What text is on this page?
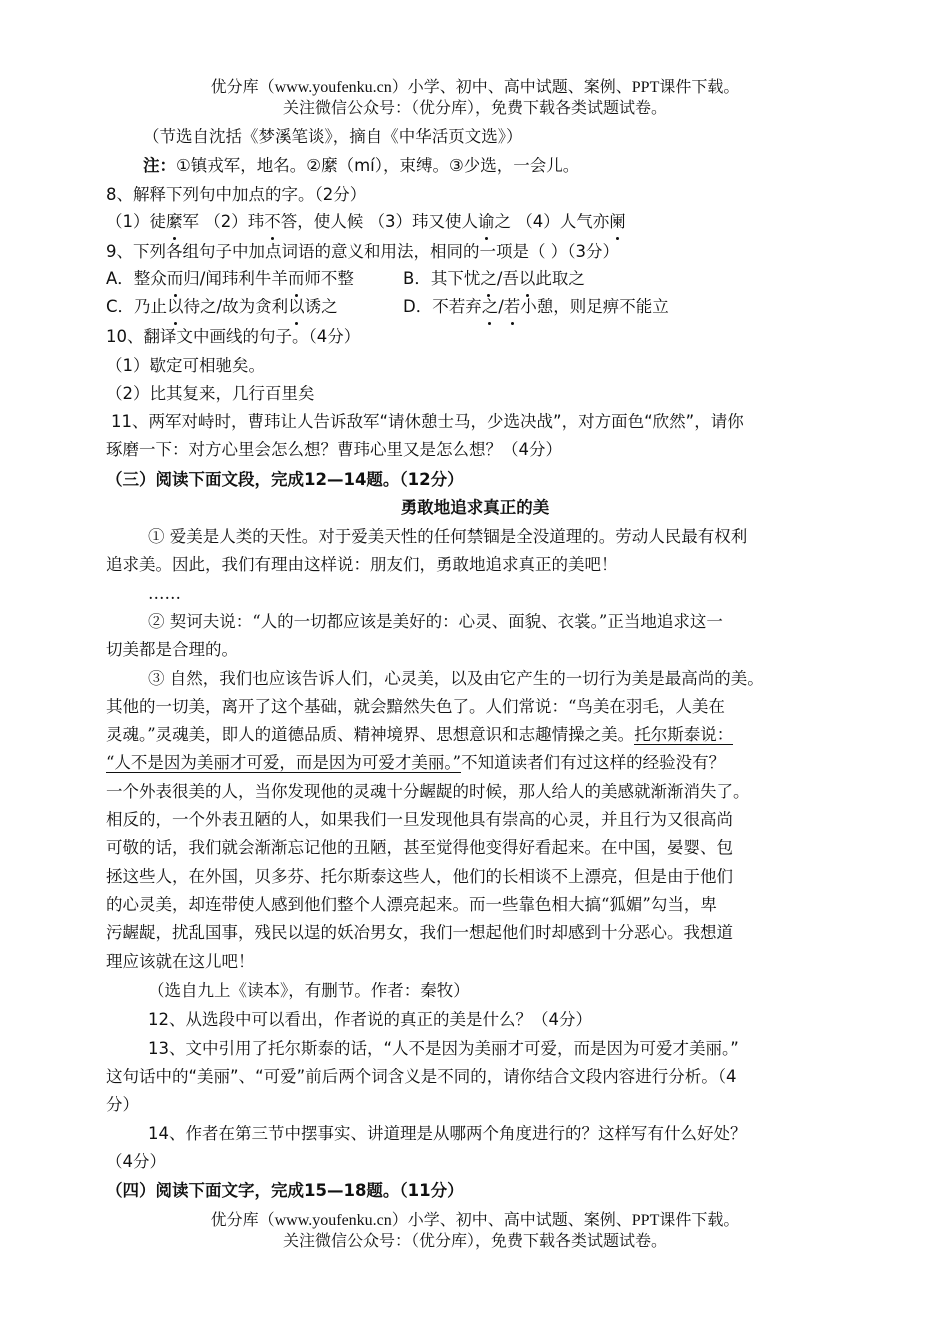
优分库（www.youfenku.cn）小学、初中、高中试题、案例、PPT课件下载。
关注微信公众号：（优分库），免费下载各类试题试卷。
（节选自沈括《梦溪笔谈》，摘自《中华活页文选》）
注：①镇戎军，地名。②縻（mí），束缚。③少选，一会儿。
8、解释下列句中加点的字。（2分）
（1）徒縻军 （2）玮不答，使人候 （3）玮又使人谕之 （4）人气亦阑
9、下列各组句子中加点词语的意义和用法，相同的一项是（ ）（3分）
A．整众而归/闻玮利牛羊而师不整	B．其下忧之/吾以此取之
C．乃止以待之/故为贪利以诱之	D．不若弃之/若小憩，则足痹不能立
10、翻译文中画线的句子。（4分）
（1）歇定可相驰矣。
（2）比其复来，几行百里矣
11、两军对峙时，曹玮让人告诉敌军“请休憩士马，少选决战”，对方面色“欣然”，请你
琢磨一下：对方心里会怎么想？曹玮心里又是怎么想？（4分）
（三）阅读下面文段，完成12—14题。（12分）
勇敢地追求真正的美
① 爱美是人类的天性。对于爱美天性的任何禁锢是全没道理的。劳动人民最有权利
追求美。因此，我们有理由这样说：朋友们，勇敢地追求真正的美吧！
……
② 契诃夫说：“人的一切都应该是美好的：心灵、面貌、衣裳。”正当地追求这一
切美都是合理的。
③ 自然，我们也应该告诉人们，心灵美，以及由它产生的一切行为美是最高尚的美。
其他的一切美，离开了这个基础，就会黯然失色了。人们常说：“鸟美在羽毛，人美在
灵魂。”灵魂美，即人的道德品质、精神境界、思想意识和志趣情操之美。托尔斯泰说：
“人不是因为美丽才可爱，而是因为可爱才美丽。”不知道读者们有过这样的经验没有？
一个外表很美的人，当你发现他的灵魂十分龌龊的时候，那人给人的美感就渐渐消失了。
相反的，一个外表丑陋的人，如果我们一旦发现他具有崇高的心灵，并且行为又很高尚
可敬的话，我们就会渐渐忘记他的丑陋，甚至觉得他变得好看起来。在中国，晏婴、包
拯这些人，在外国，贝多芬、托尔斯泰这些人，他们的长相谈不上漂亮，但是由于他们
的心灵美，却连带使人感到他们整个人漂亮起来。而一些靠色相大搞“狐媚”勾当，卑
污龌龊，扰乱国事，残民以逞的妖冶男女，我们一想起他们时却感到十分恶心。我想道
理应该就在这儿吧！
（选自九上《读本》，有删节。作者：秦牧）
12、从选段中可以看出，作者说的真正的美是什么？（4分）
13、文中引用了托尔斯泰的话，“人不是因为美丽才可爱，而是因为可爱才美丽。”
这句话中的“美丽”、“可爱”前后两个词含义是不同的，请你结合文段内容进行分析。（4
分）
14、作者在第三节中摆事实、讲道理是从哪两个角度进行的？这样写有什么好处？
（4分）
（四）阅读下面文字，完成15—18题。（11分）
优分库（www.youfenku.cn）小学、初中、高中试题、案例、PPT课件下载。
关注微信公众号：（优分库），免费下载各类试题试卷。
